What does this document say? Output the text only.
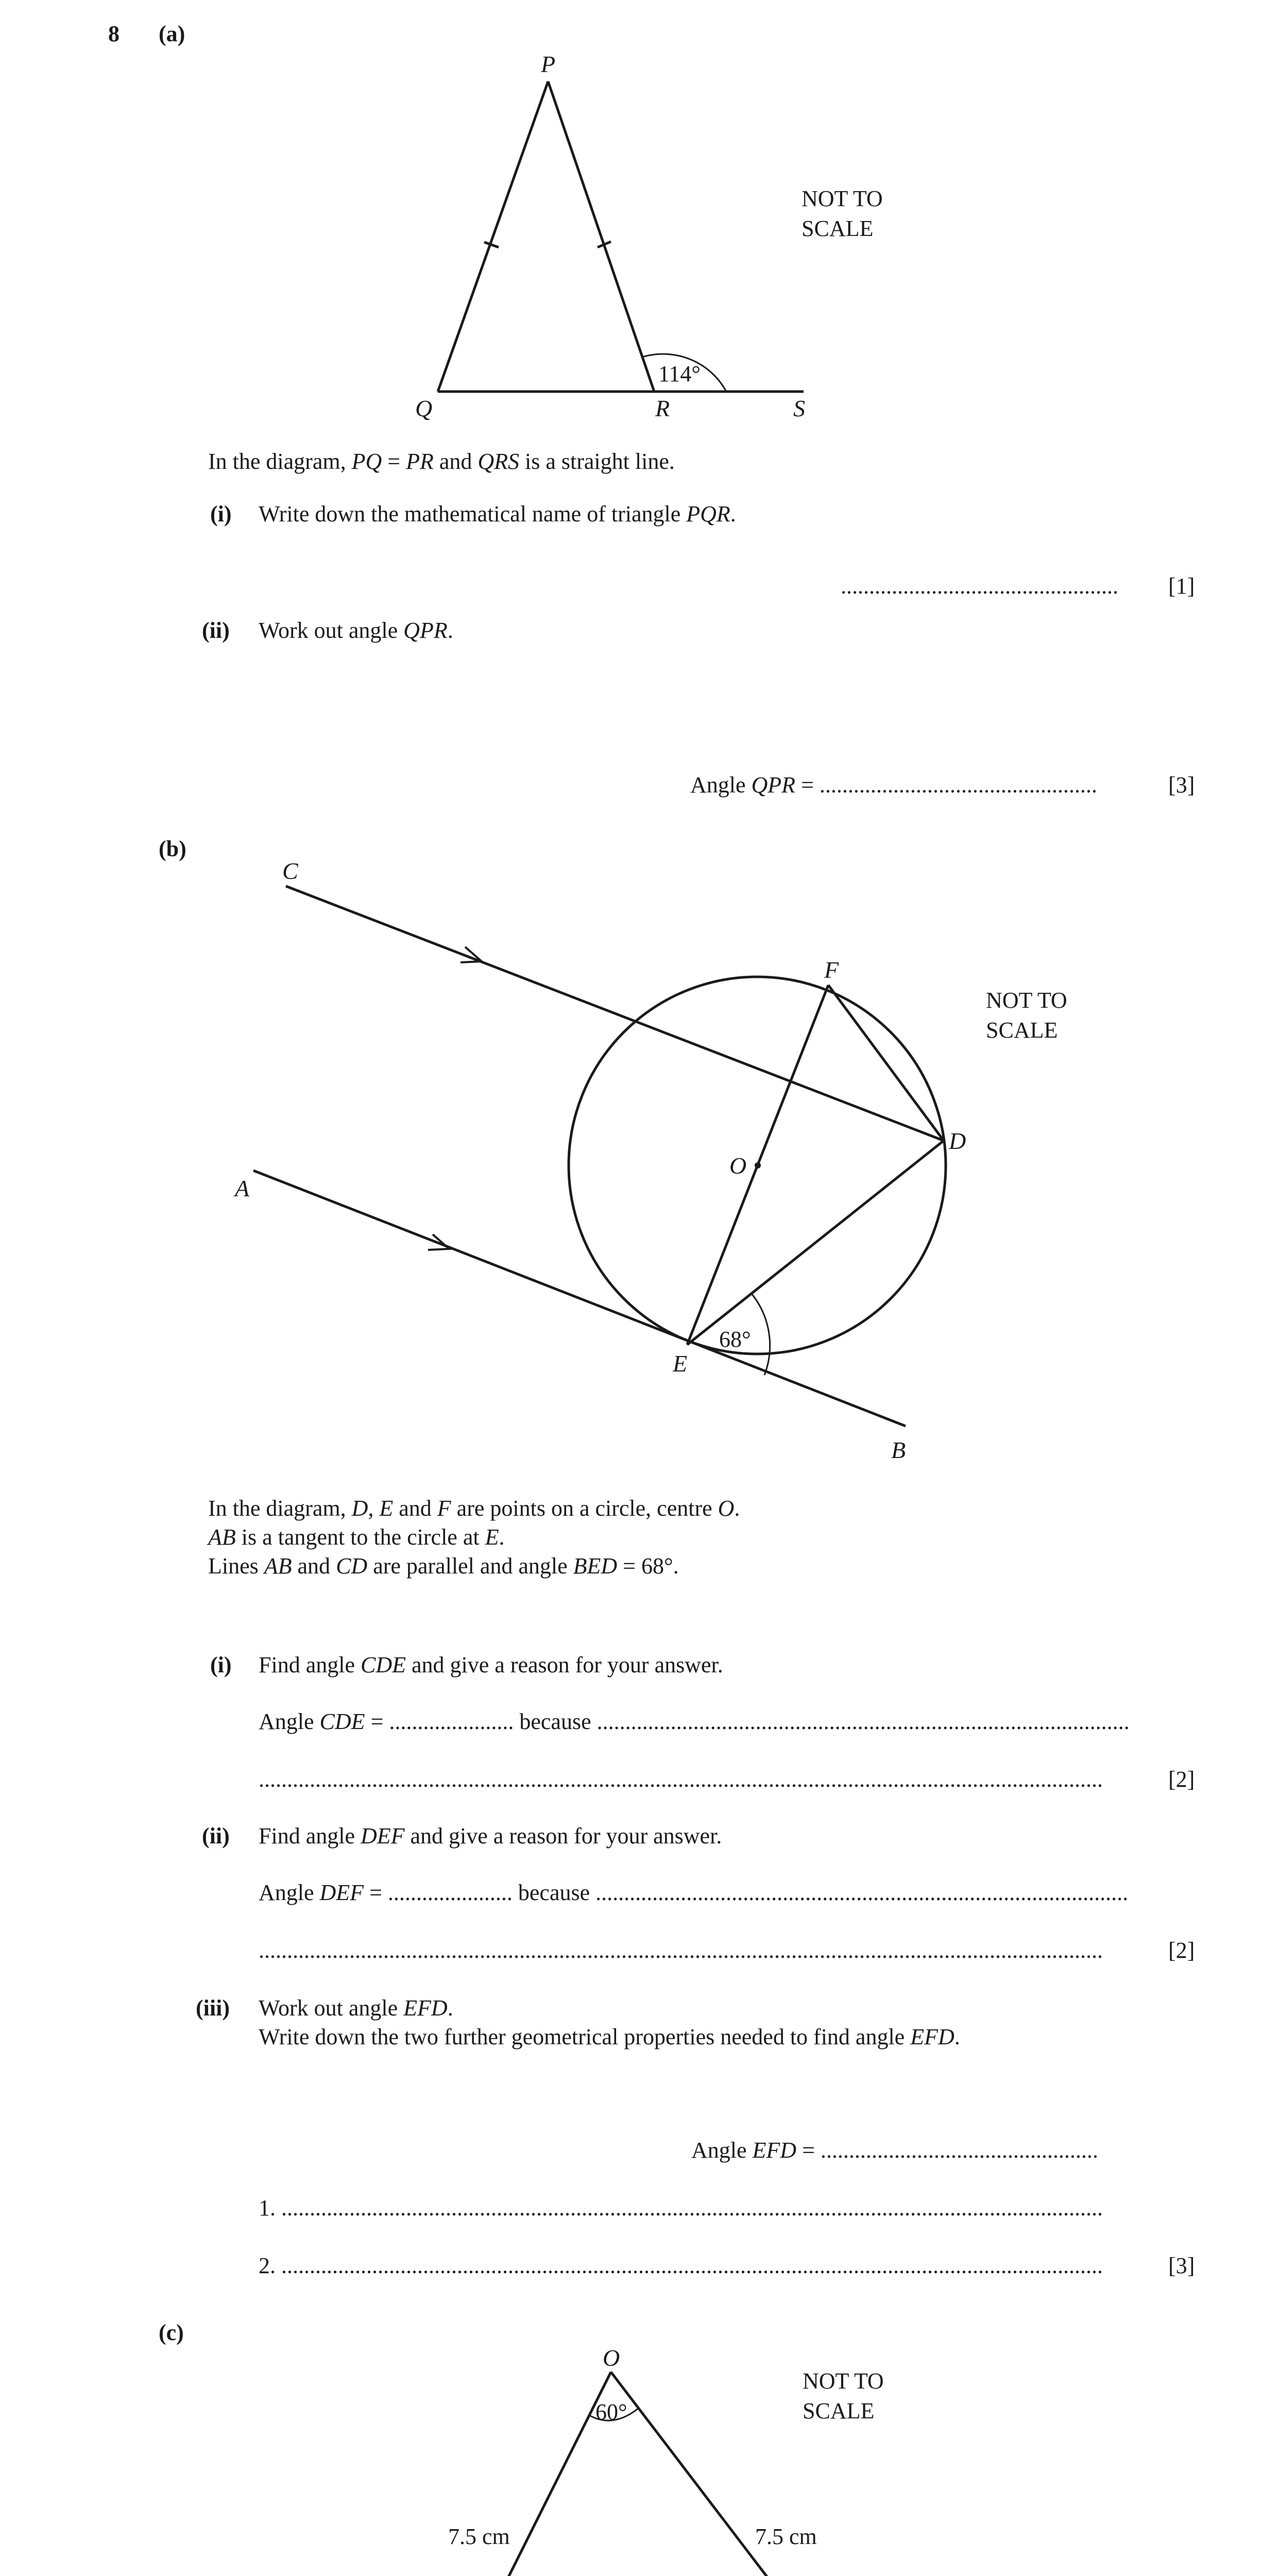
8 (a)
P
Q	R	S
114°
NOT TO
SCALE
In the diagram, PQ = PR and QRS is a straight line.
(i) Write down the mathematical name of triangle PQR.
................................................. [1]
(ii) Work out angle QPR.
Angle QPR = .................................................	[3]
(b)
C
A
B
F
D
E
O
68°
NOT TO
SCALE
In the diagram, D, E and F are points on a circle, centre O.
AB is a tangent to the circle at E.
Lines AB and CD are parallel and angle BED = 68°.
(i) Find angle CDE and give a reason for your answer.
Angle CDE = ...................... because ..............................................................................................
.....................................................................................................................................................	[2]
(ii) Find angle DEF and give a reason for your answer.
Angle DEF = ...................... because ..............................................................................................
.....................................................................................................................................................	[2]
(iii) Work out angle EFD.
Write down the two further geometrical properties needed to find angle EFD.
Angle EFD = .................................................
1. .................................................................................................................................................
2. .................................................................................................................................................	[3]
(c)
O
60°
7.5 cm	7.5 cm
NOT TO
SCALE
